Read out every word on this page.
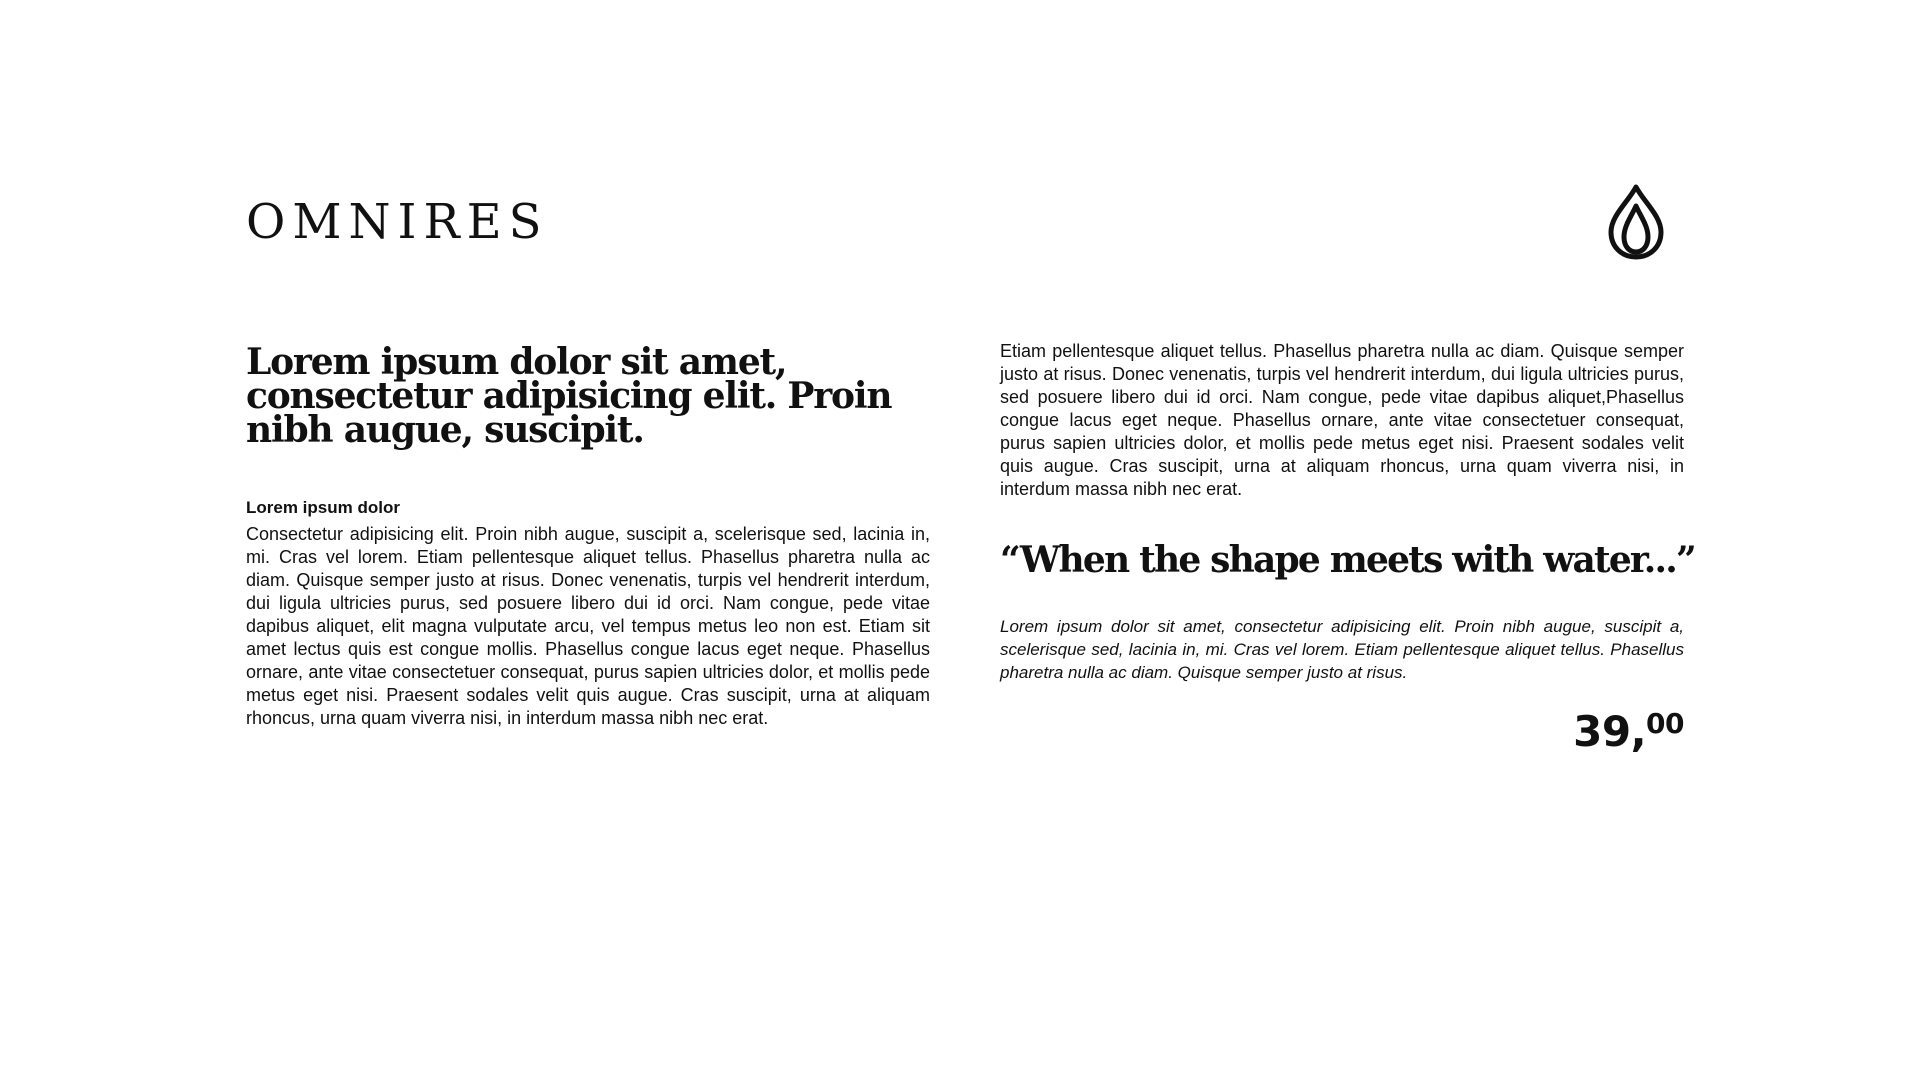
OMNIRES
Lorem ipsum dolor sit amet, consectetur adipisicing elit. Proin nibh augue, suscipit.
Lorem ipsum dolor

Consectetur adipisicing elit. Proin nibh augue, suscipit a, scelerisque sed, lacinia in, mi. Cras vel lorem. Etiam pellentesque aliquet tellus. Phasellus pharetra nulla ac diam. Quisque semper justo at risus. Donec venenatis, turpis vel hendrerit interdum, dui ligula ultricies purus, sed posuere libero dui id orci. Nam congue, pede vitae dapibus aliquet, elit magna vulputate arcu, vel tempus metus leo non est. Etiam sit amet lectus quis est congue mollis. Phasellus congue lacus eget neque. Phasellus ornare, ante vitae consectetuer consequat, purus sapien ultricies dolor, et mollis pede metus eget nisi. Praesent sodales velit quis augue. Cras suscipit, urna at aliquam rhoncus, urna quam viverra nisi, in interdum massa nibh nec erat.

Etiam pellentesque aliquet tellus. Phasellus pharetra nulla ac diam. Quisque semper justo at risus. Donec venenatis, turpis vel hendrerit interdum, dui ligula ultricies purus, sed posuere libero dui id orci. Nam congue, pede vitae dapibus aliquet,Phasellus congue lacus eget neque. Phasellus ornare, ante vitae consectetuer consequat, purus sapien ultricies dolor, et mollis pede metus eget nisi. Praesent sodales velit quis augue. Cras suscipit, urna at aliquam rhoncus, urna quam viverra nisi, in interdum massa nibh nec erat.

“When the shape meets with water...”

Lorem ipsum dolor sit amet, consectetur adipisicing elit. Proin nibh augue, suscipit a, scelerisque sed, lacinia in, mi. Cras vel lorem. Etiam pellentesque aliquet tellus. Phasellus pharetra nulla ac diam. Quisque semper justo at risus.

39,00
